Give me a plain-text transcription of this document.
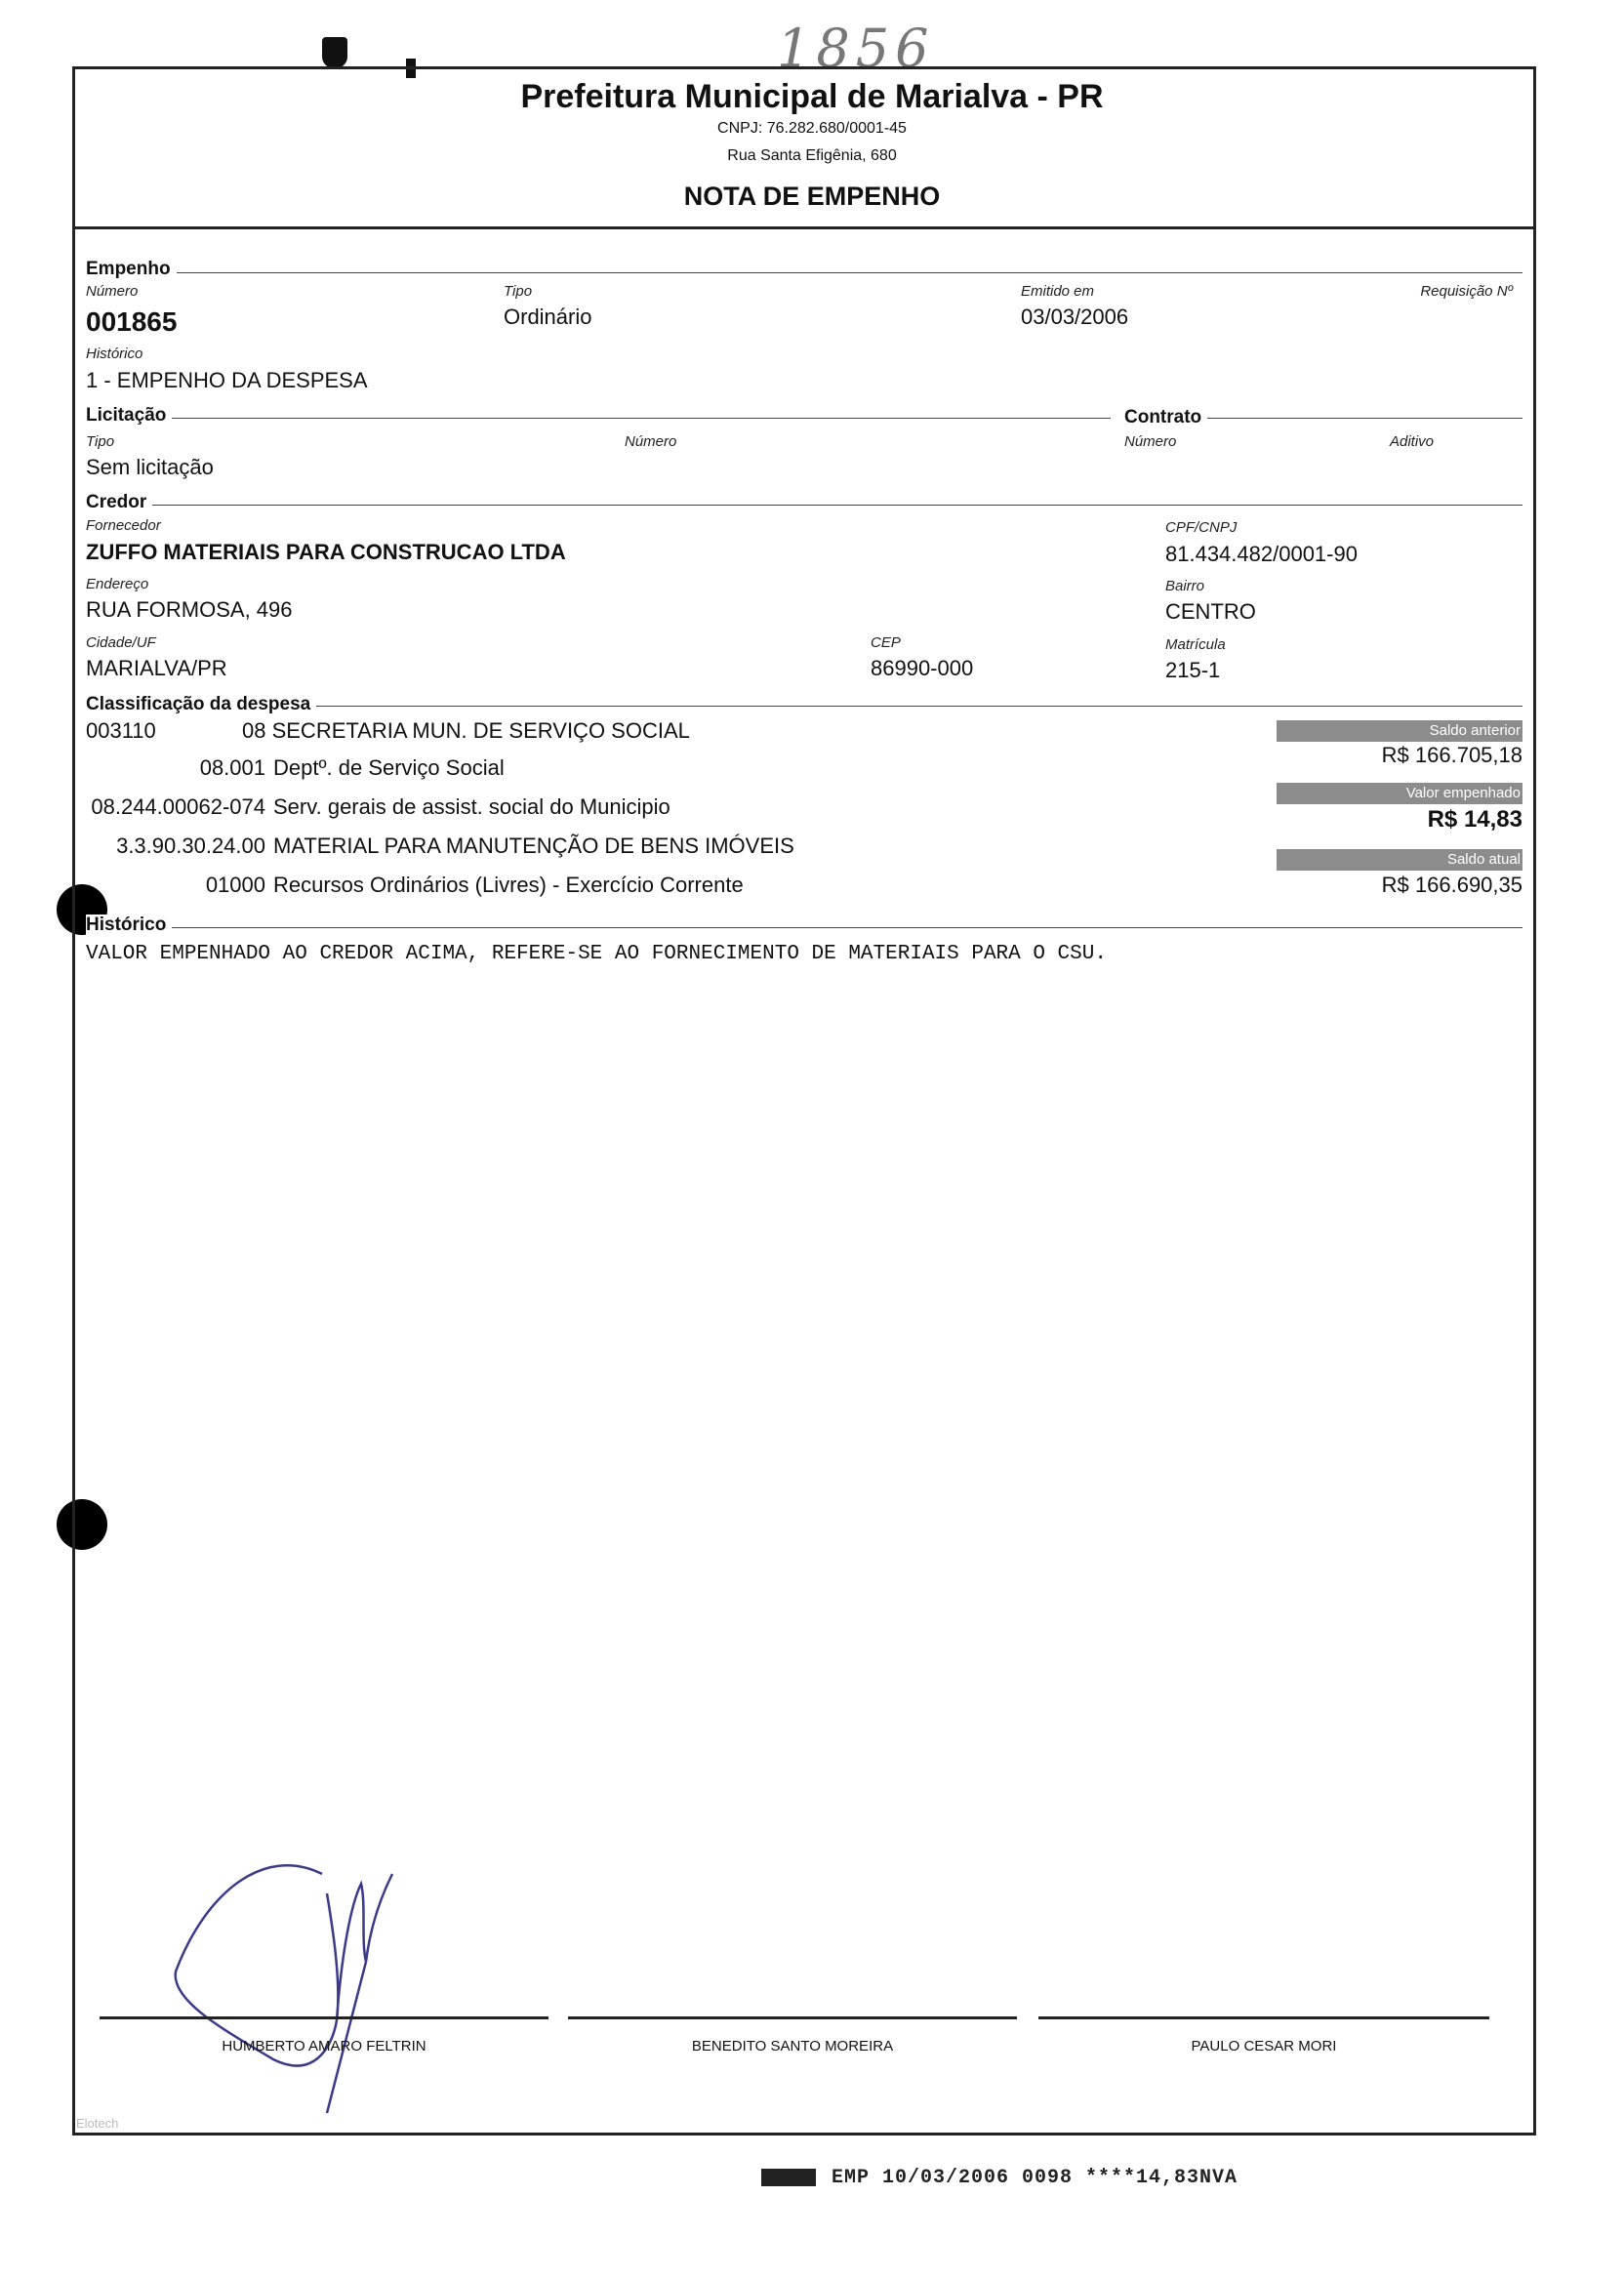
1856
Prefeitura Municipal de Marialva - PR
CNPJ: 76.282.680/0001-45
Rua Santa Efigênia, 680
NOTA DE EMPENHO
Empenho
Número
001865
Tipo
Ordinário
Emitido em
03/03/2006
Requisição Nº
Histórico
1 - EMPENHO DA DESPESA
Licitação
Tipo
Sem licitação
Número
Contrato
Número	Aditivo
Credor
Fornecedor
ZUFFO MATERIAIS PARA CONSTRUCAO LTDA
CPF/CNPJ
81.434.482/0001-90
Endereço
RUA FORMOSA, 496
Bairro
CENTRO
Cidade/UF
MARIALVA/PR
CEP
86990-000
Matrícula
215-1
Classificação da despesa
003110	08 SECRETARIA MUN. DE SERVIÇO SOCIAL
08.001 Deptº. de Serviço Social
08.244.00062-074 Serv. gerais de assist. social do Municipio
3.3.90.30.24.00 MATERIAL PARA MANUTENÇÃO DE BENS IMÓVEIS
01000 Recursos Ordinários (Livres) - Exercício Corrente
Saldo anterior
R$ 166.705,18
Valor empenhado
R$ 14,83
Saldo atual
R$ 166.690,35
Histórico
VALOR EMPENHADO AO CREDOR ACIMA, REFERE-SE AO FORNECIMENTO DE MATERIAIS PARA O CSU.
HUMBERTO AMARO FELTRIN	BENEDITO SANTO MOREIRA	PAULO CESAR MORI
Elotech
EMP 10/03/2006 0098 ****14,83NVA
